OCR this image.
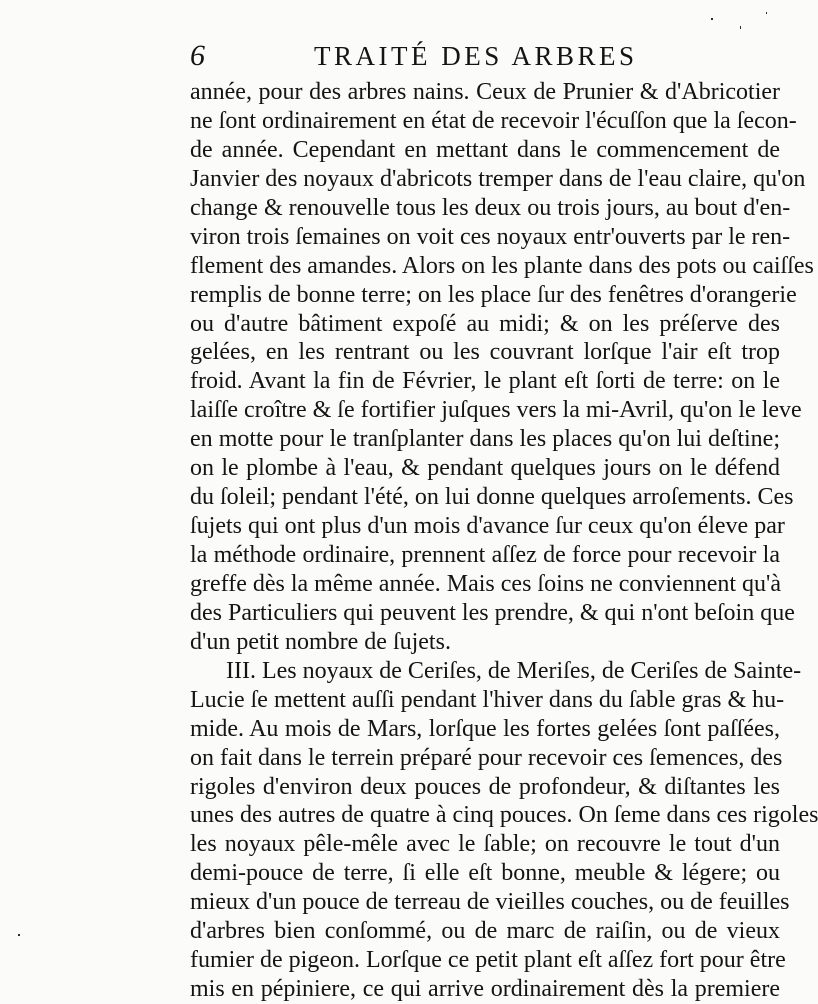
6	TRAITÉ DES ARBRES
année, pour des arbres nains. Ceux de Prunier & d'Abricotier
ne ſont ordinairement en état de recevoir l'écuſſon que la ſecon-
de année. Cependant en mettant dans le commencement de
Janvier des noyaux d'abricots tremper dans de l'eau claire, qu'on
change & renouvelle tous les deux ou trois jours, au bout d'en-
viron trois ſemaines on voit ces noyaux entr'ouverts par le ren-
flement des amandes. Alors on les plante dans des pots ou caiſſes
remplis de bonne terre; on les place ſur des fenêtres d'orangerie
ou d'autre bâtiment expoſé au midi; & on les préſerve des
gelées, en les rentrant ou les couvrant lorſque l'air eſt trop
froid. Avant la fin de Février, le plant eſt ſorti de terre: on le
laiſſe croître & ſe fortifier juſques vers la mi-Avril, qu'on le leve
en motte pour le tranſplanter dans les places qu'on lui deſtine;
on le plombe à l'eau, & pendant quelques jours on le défend
du ſoleil; pendant l'été, on lui donne quelques arroſements. Ces
ſujets qui ont plus d'un mois d'avance ſur ceux qu'on éleve par
la méthode ordinaire, prennent aſſez de force pour recevoir la
greffe dès la même année. Mais ces ſoins ne conviennent qu'à
des Particuliers qui peuvent les prendre, & qui n'ont beſoin que
d'un petit nombre de ſujets.
III. Les noyaux de Ceriſes, de Meriſes, de Ceriſes de Sainte-
Lucie ſe mettent auſſi pendant l'hiver dans du ſable gras & hu-
mide. Au mois de Mars, lorſque les fortes gelées ſont paſſées,
on fait dans le terrein préparé pour recevoir ces ſemences, des
rigoles d'environ deux pouces de profondeur, & diſtantes les
unes des autres de quatre à cinq pouces. On ſeme dans ces rigoles
les noyaux pêle-mêle avec le ſable; on recouvre le tout d'un
demi-pouce de terre, ſi elle eſt bonne, meuble & légere; ou
mieux d'un pouce de terreau de vieilles couches, ou de feuilles
d'arbres bien conſommé, ou de marc de raiſin, ou de vieux
fumier de pigeon. Lorſque ce petit plant eſt aſſez fort pour être
mis en pépiniere, ce qui arrive ordinairement dès la premiere
